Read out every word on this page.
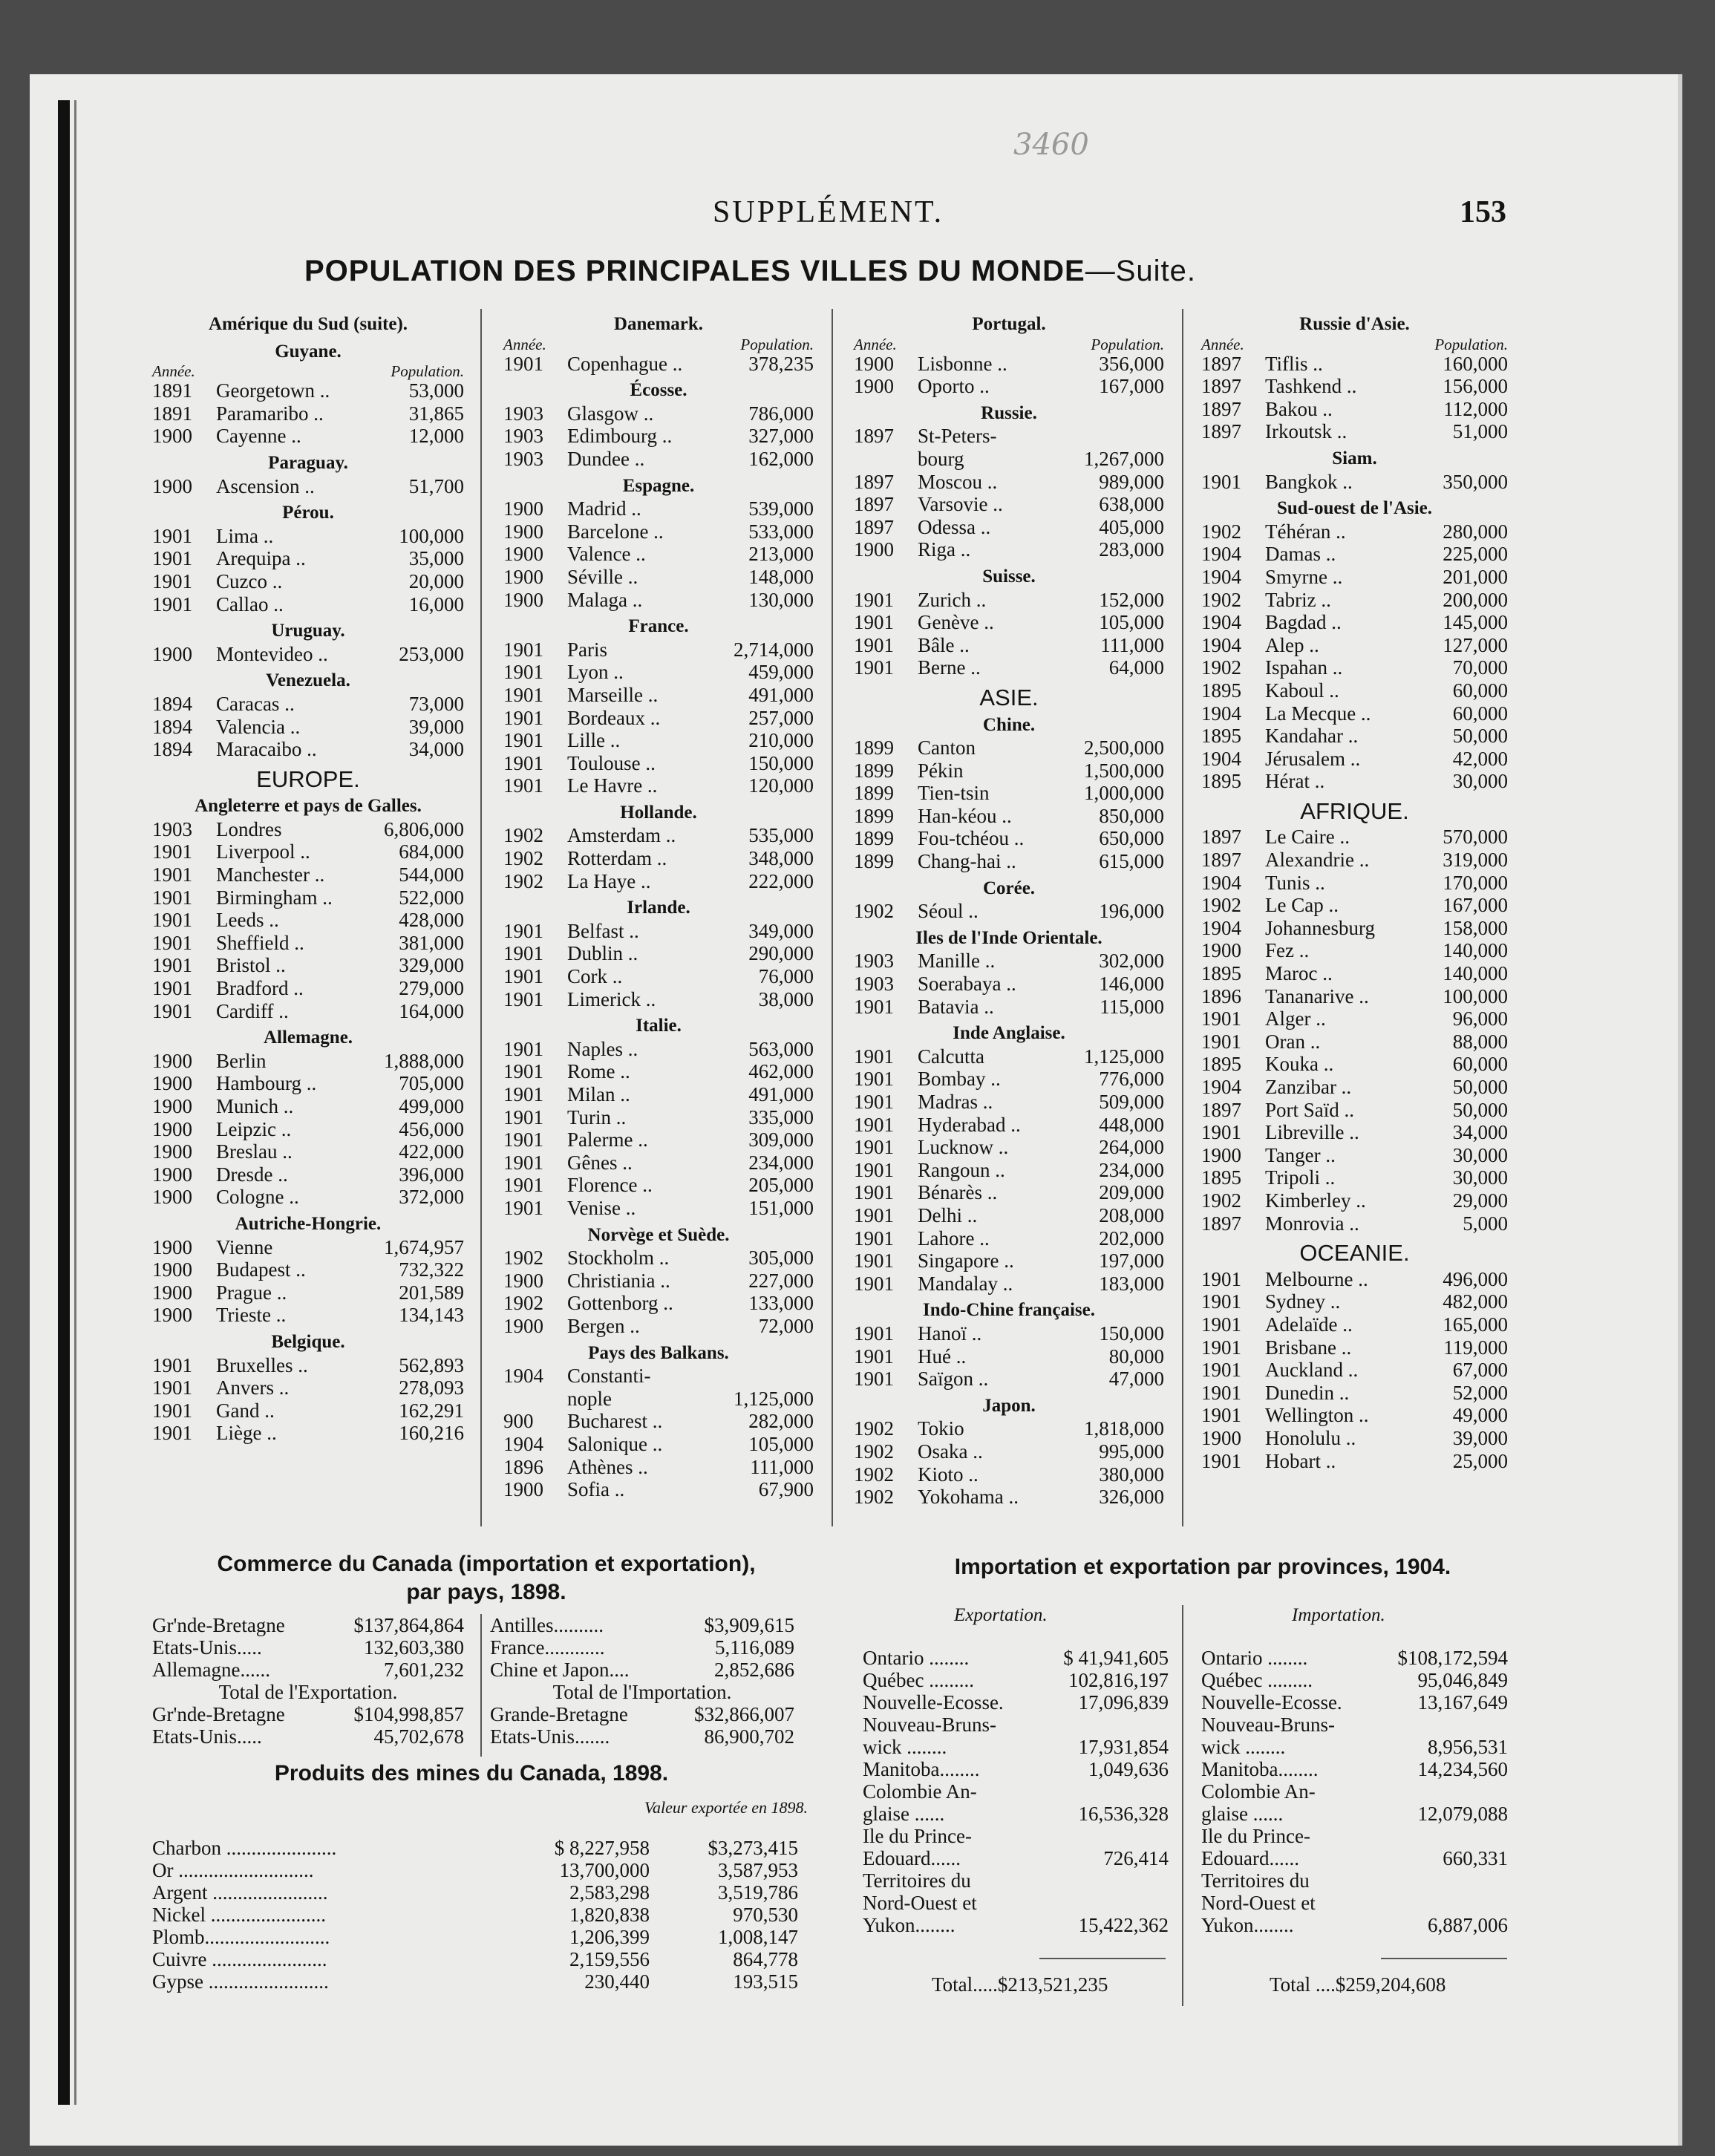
3460
SUPPLÉMENT.	153
POPULATION DES PRINCIPALES VILLES DU MONDE—Suite.
Amérique du Sud (suite).
Guyane.
Année.	Population.
1891	Georgetown ..	53,000
1891	Paramaribo ..	31,865
1900	Cayenne ..	12,000
Paraguay.
1900	Ascension ..	51,700
Pérou.
1901	Lima ..	100,000
1901	Arequipa ..	35,000
1901	Cuzco ..	20,000
1901	Callao ..	16,000
Uruguay.
1900	Montevideo ..	253,000
Venezuela.
1894	Caracas ..	73,000
1894	Valencia ..	39,000
1894	Maracaibo ..	34,000
EUROPE.
Angleterre et pays de Galles.
1903	Londres	6,806,000
1901	Liverpool ..	684,000
1901	Manchester ..	544,000
1901	Birmingham ..	522,000
1901	Leeds ..	428,000
1901	Sheffield ..	381,000
1901	Bristol ..	329,000
1901	Bradford ..	279,000
1901	Cardiff ..	164,000
Allemagne.
1900	Berlin	1,888,000
1900	Hambourg ..	705,000
1900	Munich ..	499,000
1900	Leipzic ..	456,000
1900	Breslau ..	422,000
1900	Dresde ..	396,000
1900	Cologne ..	372,000
Autriche-Hongrie.
1900	Vienne	1,674,957
1900	Budapest ..	732,322
1900	Prague ..	201,589
1900	Trieste ..	134,143
Belgique.
1901	Bruxelles ..	562,893
1901	Anvers ..	278,093
1901	Gand ..	162,291
1901	Liège ..	160,216
Danemark.
Année.	Population.
1901	Copenhague ..	378,235
Écosse.
1903	Glasgow ..	786,000
1903	Edimbourg ..	327,000
1903	Dundee ..	162,000
Espagne.
1900	Madrid ..	539,000
1900	Barcelone ..	533,000
1900	Valence ..	213,000
1900	Séville ..	148,000
1900	Malaga ..	130,000
France.
1901	Paris	2,714,000
1901	Lyon ..	459,000
1901	Marseille ..	491,000
1901	Bordeaux ..	257,000
1901	Lille ..	210,000
1901	Toulouse ..	150,000
1901	Le Havre ..	120,000
Hollande.
1902	Amsterdam ..	535,000
1902	Rotterdam ..	348,000
1902	La Haye ..	222,000
Irlande.
1901	Belfast ..	349,000
1901	Dublin ..	290,000
1901	Cork ..	76,000
1901	Limerick ..	38,000
Italie.
1901	Naples ..	563,000
1901	Rome ..	462,000
1901	Milan ..	491,000
1901	Turin ..	335,000
1901	Palerme ..	309,000
1901	Gênes ..	234,000
1901	Florence ..	205,000
1901	Venise ..	151,000
Norvège et Suède.
1902	Stockholm ..	305,000
1900	Christiania ..	227,000
1902	Gottenborg ..	133,000
1900	Bergen ..	72,000
Pays des Balkans.
1904	Constanti-
nople	1,125,000
900	Bucharest ..	282,000
1904	Salonique ..	105,000
1896	Athènes ..	111,000
1900	Sofia ..	67,900
Portugal.
Année.	Population.
1900	Lisbonne ..	356,000
1900	Oporto ..	167,000
Russie.
1897	St-Peters-
bourg	1,267,000
1897	Moscou ..	989,000
1897	Varsovie ..	638,000
1897	Odessa ..	405,000
1900	Riga ..	283,000
Suisse.
1901	Zurich ..	152,000
1901	Genève ..	105,000
1901	Bâle ..	111,000
1901	Berne ..	64,000
ASIE.
Chine.
1899	Canton	2,500,000
1899	Pékin	1,500,000
1899	Tien-tsin	1,000,000
1899	Han-kéou ..	850,000
1899	Fou-tchéou ..	650,000
1899	Chang-hai ..	615,000
Corée.
1902	Séoul ..	196,000
Iles de l'Inde Orientale.
1903	Manille ..	302,000
1903	Soerabaya ..	146,000
1901	Batavia ..	115,000
Inde Anglaise.
1901	Calcutta	1,125,000
1901	Bombay ..	776,000
1901	Madras ..	509,000
1901	Hyderabad ..	448,000
1901	Lucknow ..	264,000
1901	Rangoun ..	234,000
1901	Bénarès ..	209,000
1901	Delhi ..	208,000
1901	Lahore ..	202,000
1901	Singapore ..	197,000
1901	Mandalay ..	183,000
Indo-Chine française.
1901	Hanoï ..	150,000
1901	Hué ..	80,000
1901	Saïgon ..	47,000
Japon.
1902	Tokio	1,818,000
1902	Osaka ..	995,000
1902	Kioto ..	380,000
1902	Yokohama ..	326,000
Russie d'Asie.
Année.	Population.
1897	Tiflis ..	160,000
1897	Tashkend ..	156,000
1897	Bakou ..	112,000
1897	Irkoutsk ..	51,000
Siam.
1901	Bangkok ..	350,000
Sud-ouest de l'Asie.
1902	Téhéran ..	280,000
1904	Damas ..	225,000
1904	Smyrne ..	201,000
1902	Tabriz ..	200,000
1904	Bagdad ..	145,000
1904	Alep ..	127,000
1902	Ispahan ..	70,000
1895	Kaboul ..	60,000
1904	La Mecque ..	60,000
1895	Kandahar ..	50,000
1904	Jérusalem ..	42,000
1895	Hérat ..	30,000
AFRIQUE.
1897	Le Caire ..	570,000
1897	Alexandrie ..	319,000
1904	Tunis ..	170,000
1902	Le Cap ..	167,000
1904	Johannesburg	158,000
1900	Fez ..	140,000
1895	Maroc ..	140,000
1896	Tananarive ..	100,000
1901	Alger ..	96,000
1901	Oran ..	88,000
1895	Kouka ..	60,000
1904	Zanzibar ..	50,000
1897	Port Saïd ..	50,000
1901	Libreville ..	34,000
1900	Tanger ..	30,000
1895	Tripoli ..	30,000
1902	Kimberley ..	29,000
1897	Monrovia ..	5,000
OCEANIE.
1901	Melbourne ..	496,000
1901	Sydney ..	482,000
1901	Adelaïde ..	165,000
1901	Brisbane ..	119,000
1901	Auckland ..	67,000
1901	Dunedin ..	52,000
1901	Wellington ..	49,000
1900	Honolulu ..	39,000
1901	Hobart ..	25,000
Commerce du Canada (importation et exportation),
par pays, 1898.
Gr'nde-Bretagne	$137,864,864
Etats-Unis.....	132,603,380
Allemagne......	7,601,232
Total de l'Exportation.
Gr'nde-Bretagne	$104,998,857
Etats-Unis.....	45,702,678
Antilles..........	$3,909,615
France............	5,116,089
Chine et Japon....	2,852,686
Total de l'Importation.
Grande-Bretagne	$32,866,007
Etats-Unis.......	86,900,702
Produits des mines du Canada, 1898.
Valeur exportée en 1898.
Charbon ......................	$ 8,227,958	$3,273,415
Or ...........................	13,700,000	3,587,953
Argent .......................	2,583,298	3,519,786
Nickel .......................	1,820,838	970,530
Plomb.........................	1,206,399	1,008,147
Cuivre .......................	2,159,556	864,778
Gypse ........................	230,440	193,515
Importation et exportation par provinces, 1904.
Exportation.	Importation.
Ontario ........	$ 41,941,605
Québec .........	102,816,197
Nouvelle-Ecosse.	17,096,839
Nouveau-Bruns-
wick ........	17,931,854
Manitoba........	1,049,636
Colombie An-
glaise ......	16,536,328
Ile du Prince-
Edouard......	726,414
Territoires du
Nord-Ouest et
Yukon........	15,422,362
Ontario ........	$108,172,594
Québec .........	95,046,849
Nouvelle-Ecosse.	13,167,649
Nouveau-Bruns-
wick ........	8,956,531
Manitoba........	14,234,560
Colombie An-
glaise ......	12,079,088
Ile du Prince-
Edouard......	660,331
Territoires du
Nord-Ouest et
Yukon........	6,887,006
Total.....$213,521,235	Total ....$259,204,608
